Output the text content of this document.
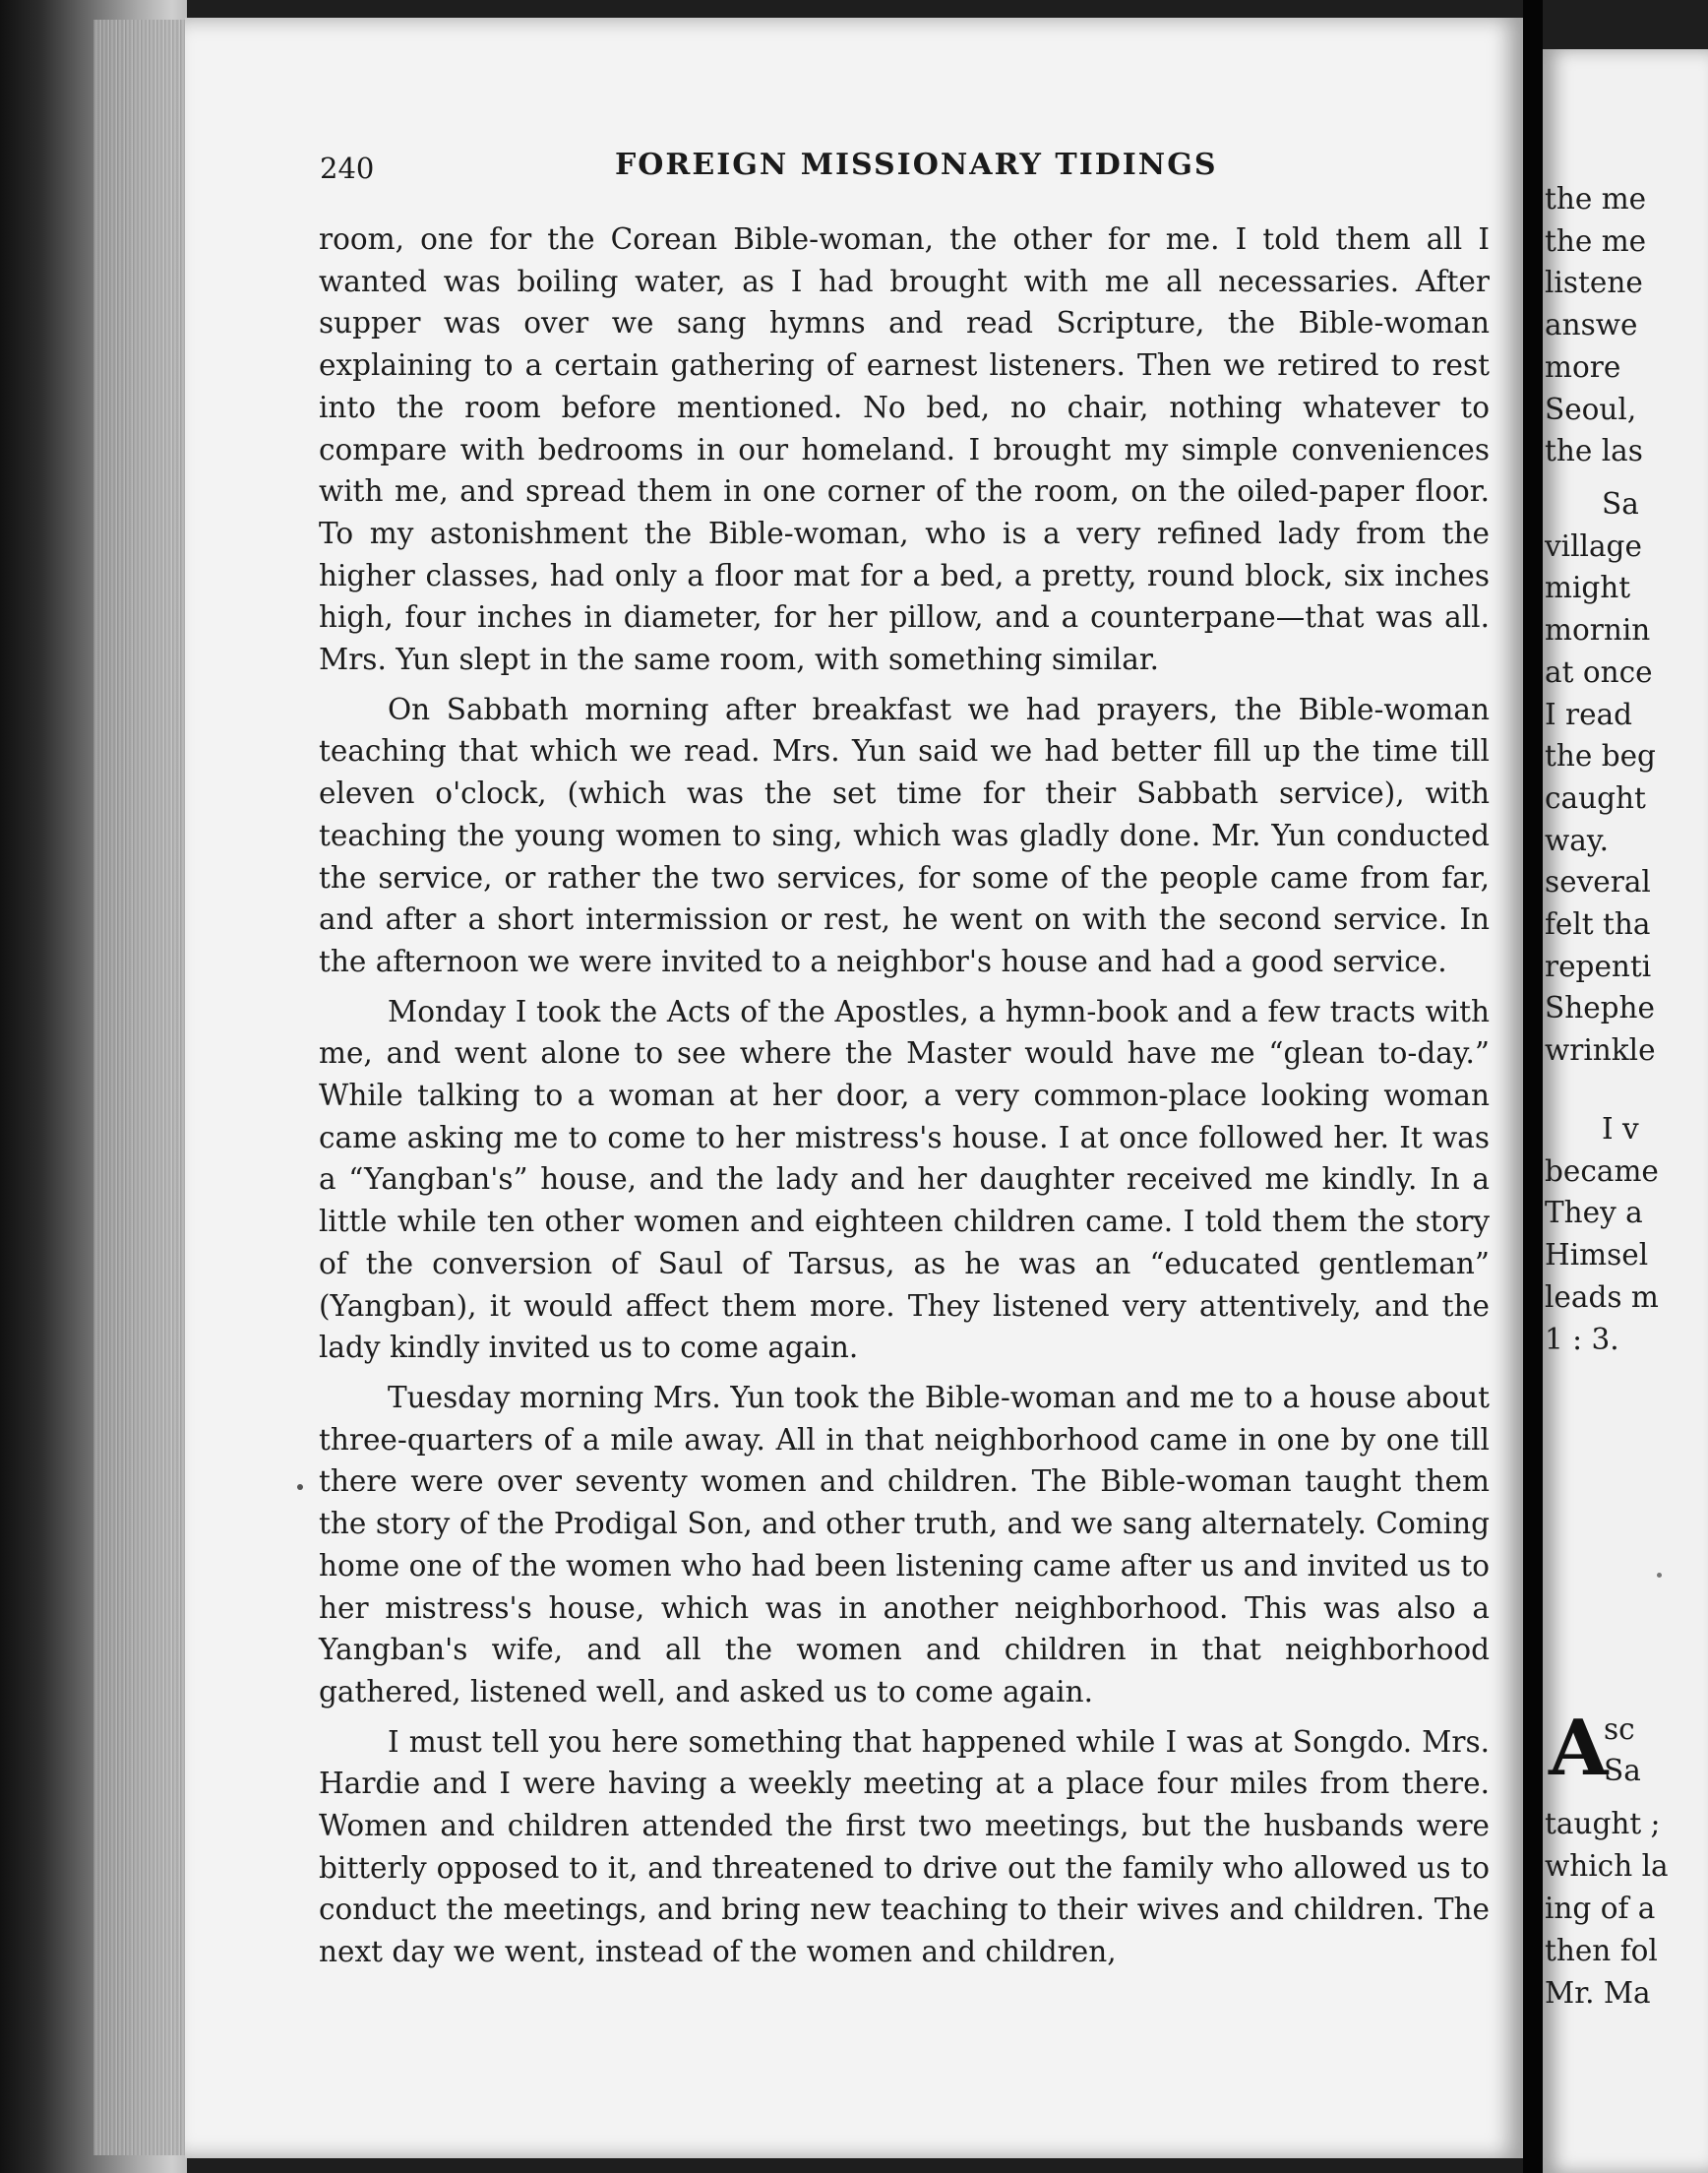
240	FOREIGN MISSIONARY TIDINGS

room, one for the Corean Bible-woman, the other for me. I told them all I wanted was boiling water, as I had brought with me all necessaries. After supper was over we sang hymns and read Scripture, the Bible-woman explaining to a certain gathering of earnest listeners. Then we retired to rest into the room before mentioned. No bed, no chair, nothing whatever to compare with bedrooms in our homeland. I brought my simple conveniences with me, and spread them in one corner of the room, on the oiled-paper floor. To my astonishment the Bible-woman, who is a very refined lady from the higher classes, had only a floor mat for a bed, a pretty, round block, six inches high, four inches in diameter, for her pillow, and a counterpane—that was all. Mrs. Yun slept in the same room, with something similar.

On Sabbath morning after breakfast we had prayers, the Bible-woman teaching that which we read. Mrs. Yun said we had better fill up the time till eleven o'clock, (which was the set time for their Sabbath service), with teaching the young women to sing, which was gladly done. Mr. Yun conducted the service, or rather the two services, for some of the people came from far, and after a short intermission or rest, he went on with the second service. In the afternoon we were invited to a neighbor's house and had a good service.

Monday I took the Acts of the Apostles, a hymn-book and a few tracts with me, and went alone to see where the Master would have me “glean to-day.” While talking to a woman at her door, a very common-place looking woman came asking me to come to her mistress's house. I at once followed her. It was a “Yangban's” house, and the lady and her daughter received me kindly. In a little while ten other women and eighteen children came. I told them the story of the conversion of Saul of Tarsus, as he was an “educated gentleman” (Yangban), it would affect them more. They listened very attentively, and the lady kindly invited us to come again.

Tuesday morning Mrs. Yun took the Bible-woman and me to a house about three-quarters of a mile away. All in that neighborhood came in one by one till there were over seventy women and children. The Bible-woman taught them the story of the Prodigal Son, and other truth, and we sang alternately. Coming home one of the women who had been listening came after us and invited us to her mistress's house, which was in another neighborhood. This was also a Yangban's wife, and all the women and children in that neighborhood gathered, listened well, and asked us to come again.

I must tell you here something that happened while I was at Songdo. Mrs. Hardie and I were having a weekly meeting at a place four miles from there. Women and children attended the first two meetings, but the husbands were bitterly opposed to it, and threatened to drive out the family who allowed us to conduct the meetings, and bring new teaching to their wives and children. The next day we went, instead of the women and children,

the me
the me
listene
answe
more
Seoul,
the las
Sa
village
might
mornin
at once
I read
the beg
caught
way.
several
felt tha
repenti
Shephe
wrinkle
I v
became
They a
Himsel
leads m
1 : 3.
A
sc
Sa
taught ;
which la
ing of a
then fol
Mr. Ma
